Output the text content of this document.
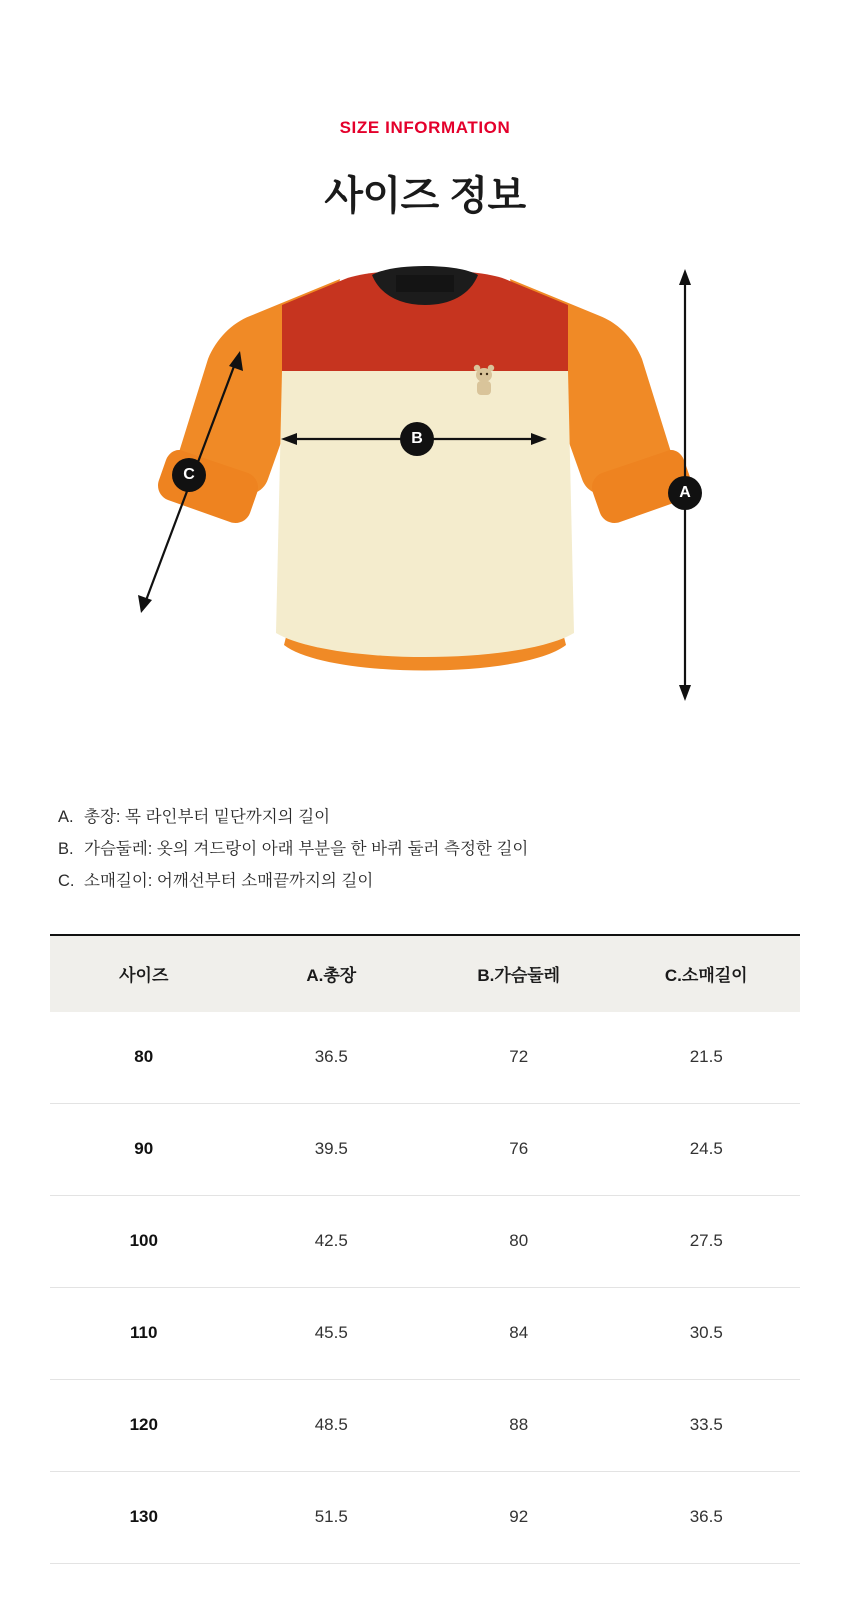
SIZE INFORMATION

사이즈 정보
A
B
C
A. 총장: 목 라인부터 밑단까지의 길이
B. 가슴둘레: 옷의 겨드랑이 아래 부분을 한 바퀴 둘러 측정한 길이
C. 소매길이: 어깨선부터 소매끝까지의 길이
사이즈	A.총장	B.가슴둘레	C.소매길이
80	36.5	72	21.5
90	39.5	76	24.5
100	42.5	80	27.5
110	45.5	84	30.5
120	48.5	88	33.5
130	51.5	92	36.5
